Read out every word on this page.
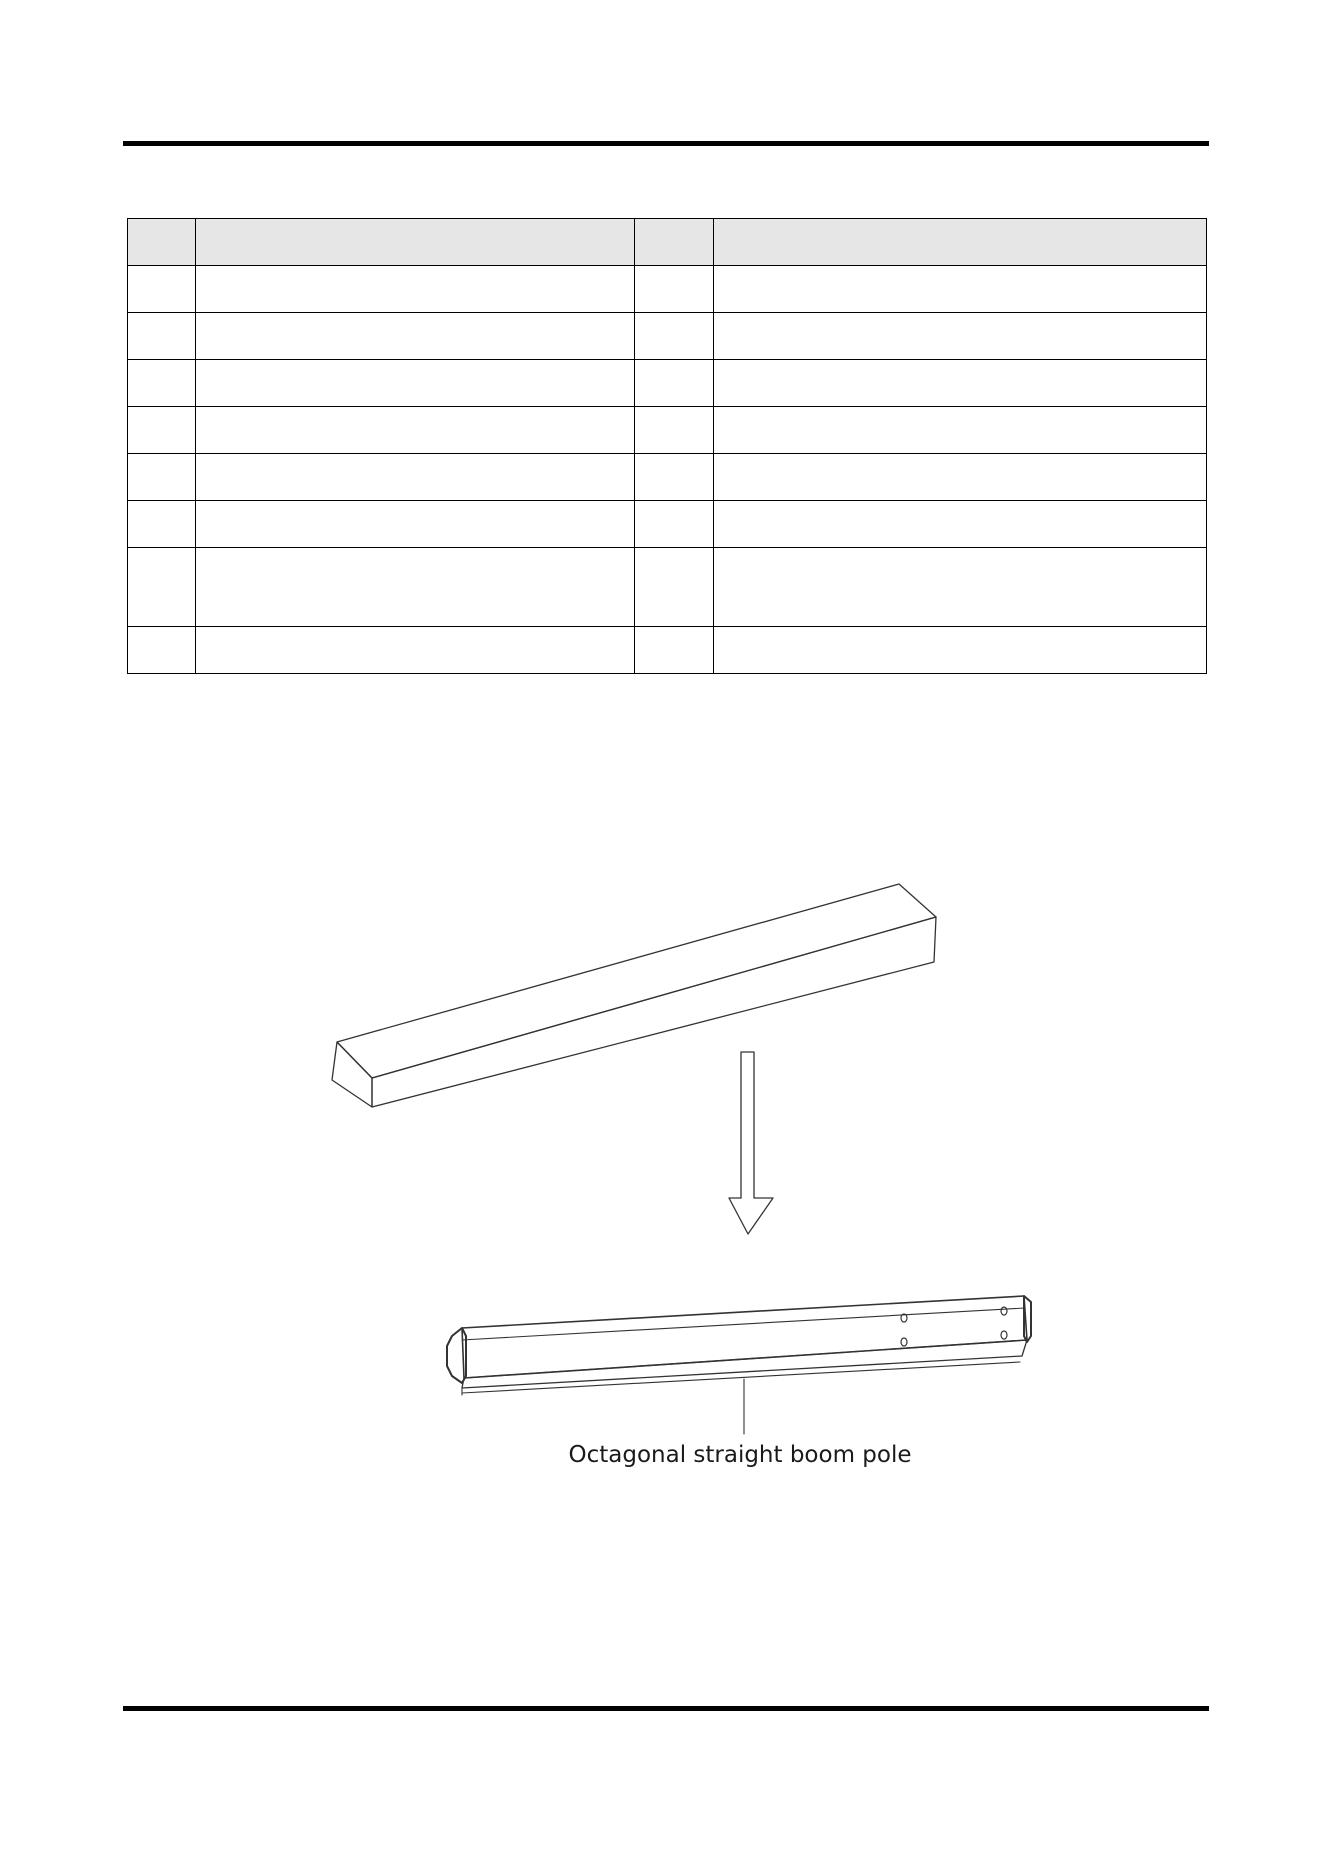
Octagonal straight boom pole
